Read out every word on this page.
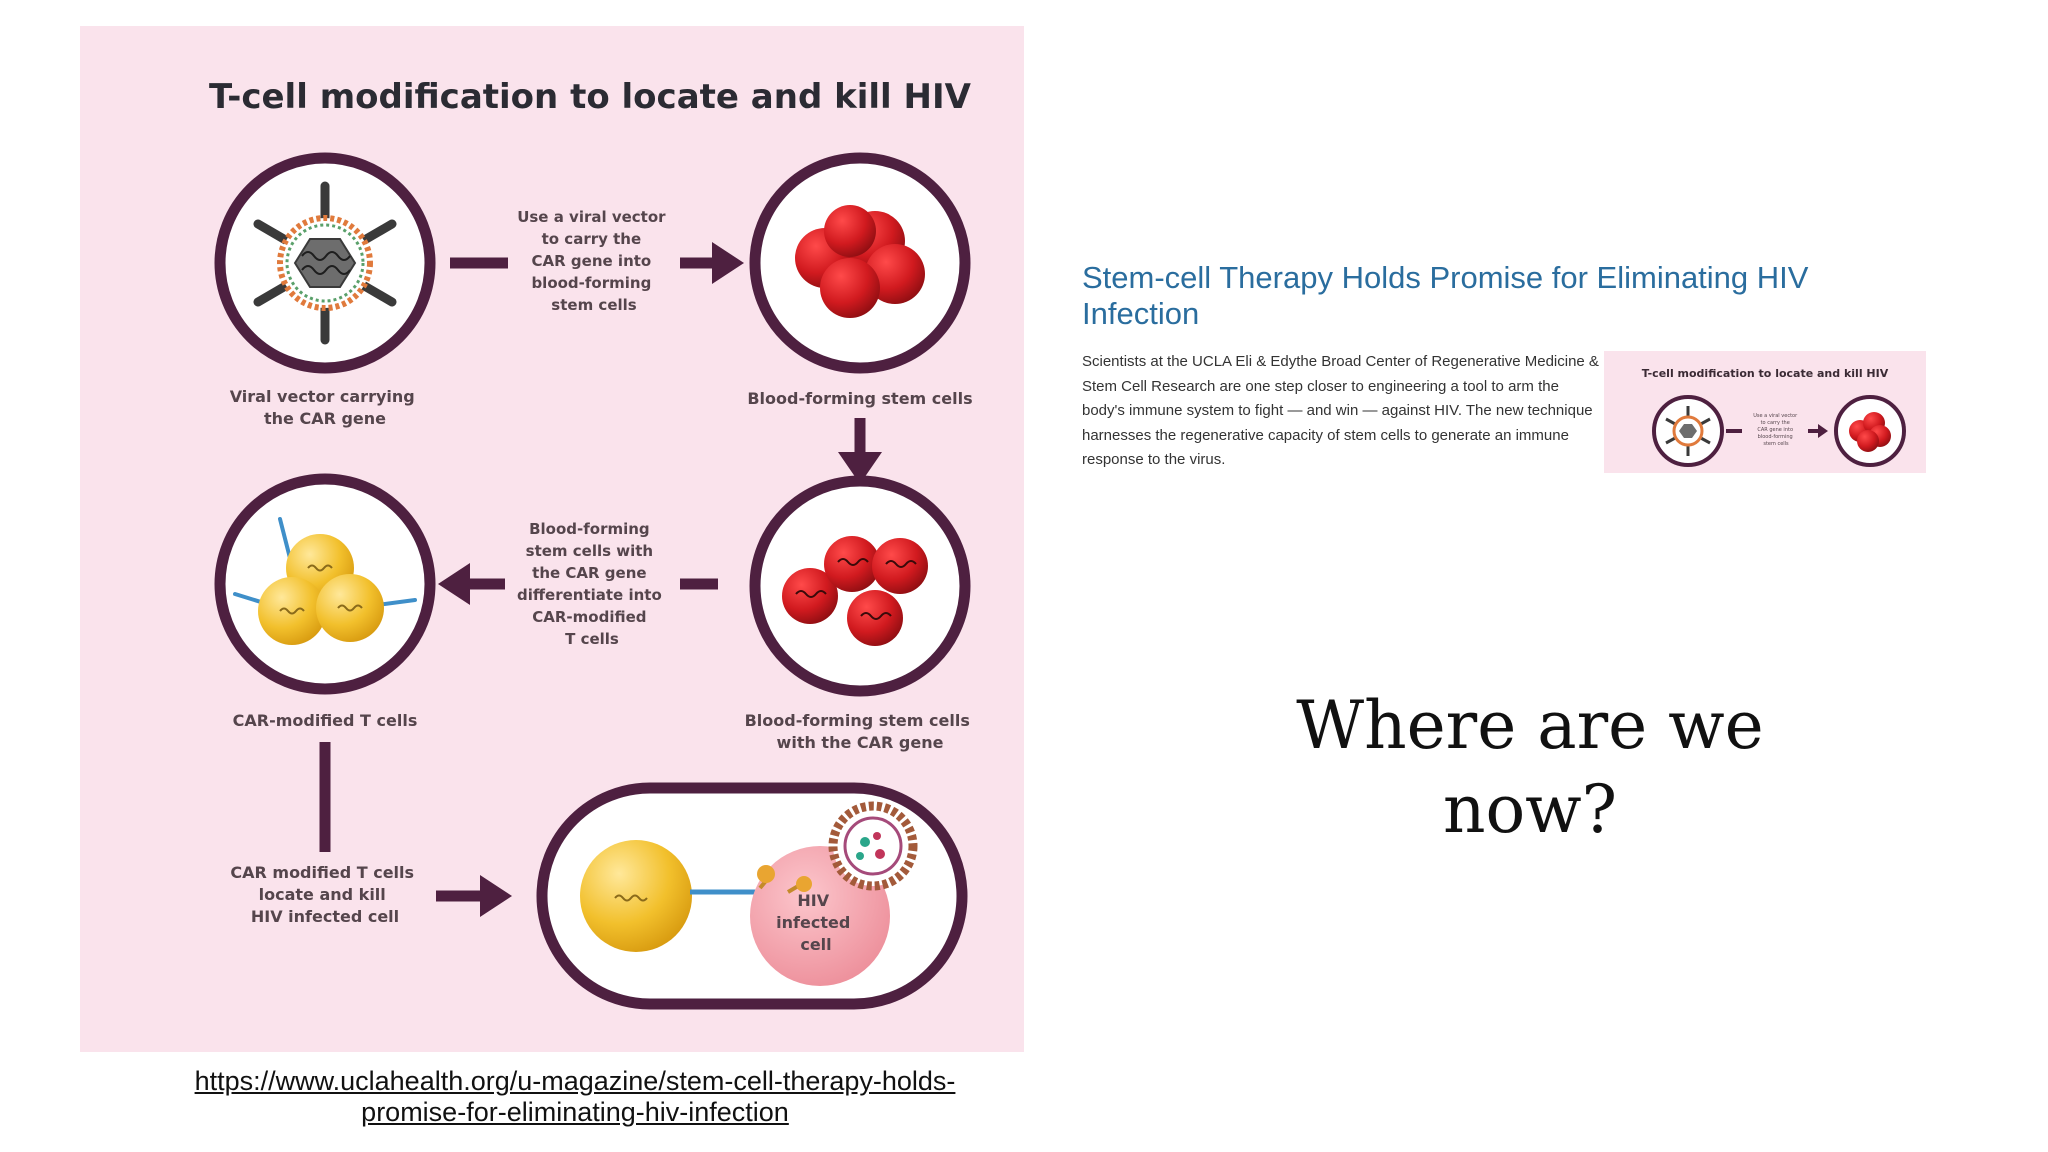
T-cell modification to locate and kill HIV
Viral vector carrying the CAR gene
Use a viral vector to carry the CAR gene into blood-forming stem cells
Blood-forming stem cells
Blood-forming stem cells with the CAR gene
Blood-forming stem cells with the CAR gene differentiate into CAR-modified T cells
CAR-modified T cells
CAR modified T cells locate and kill HIV infected cell
HIV infected cell
https://www.uclahealth.org/u-magazine/stem-cell-therapy-holds-
promise-for-eliminating-hiv-infection
Stem-cell Therapy Holds Promise for Eliminating HIV Infection

Scientists at the UCLA Eli & Edythe Broad Center of Regenerative Medicine & Stem Cell Research are one step closer to engineering a tool to arm the body's immune system to fight — and win — against HIV. The new technique harnesses the regenerative capacity of stem cells to generate an immune response to the virus.

T-cell modification to locate and kill HIV
Use a viral vector to carry the CAR gene into blood-forming stem cells
Where are we
now?
